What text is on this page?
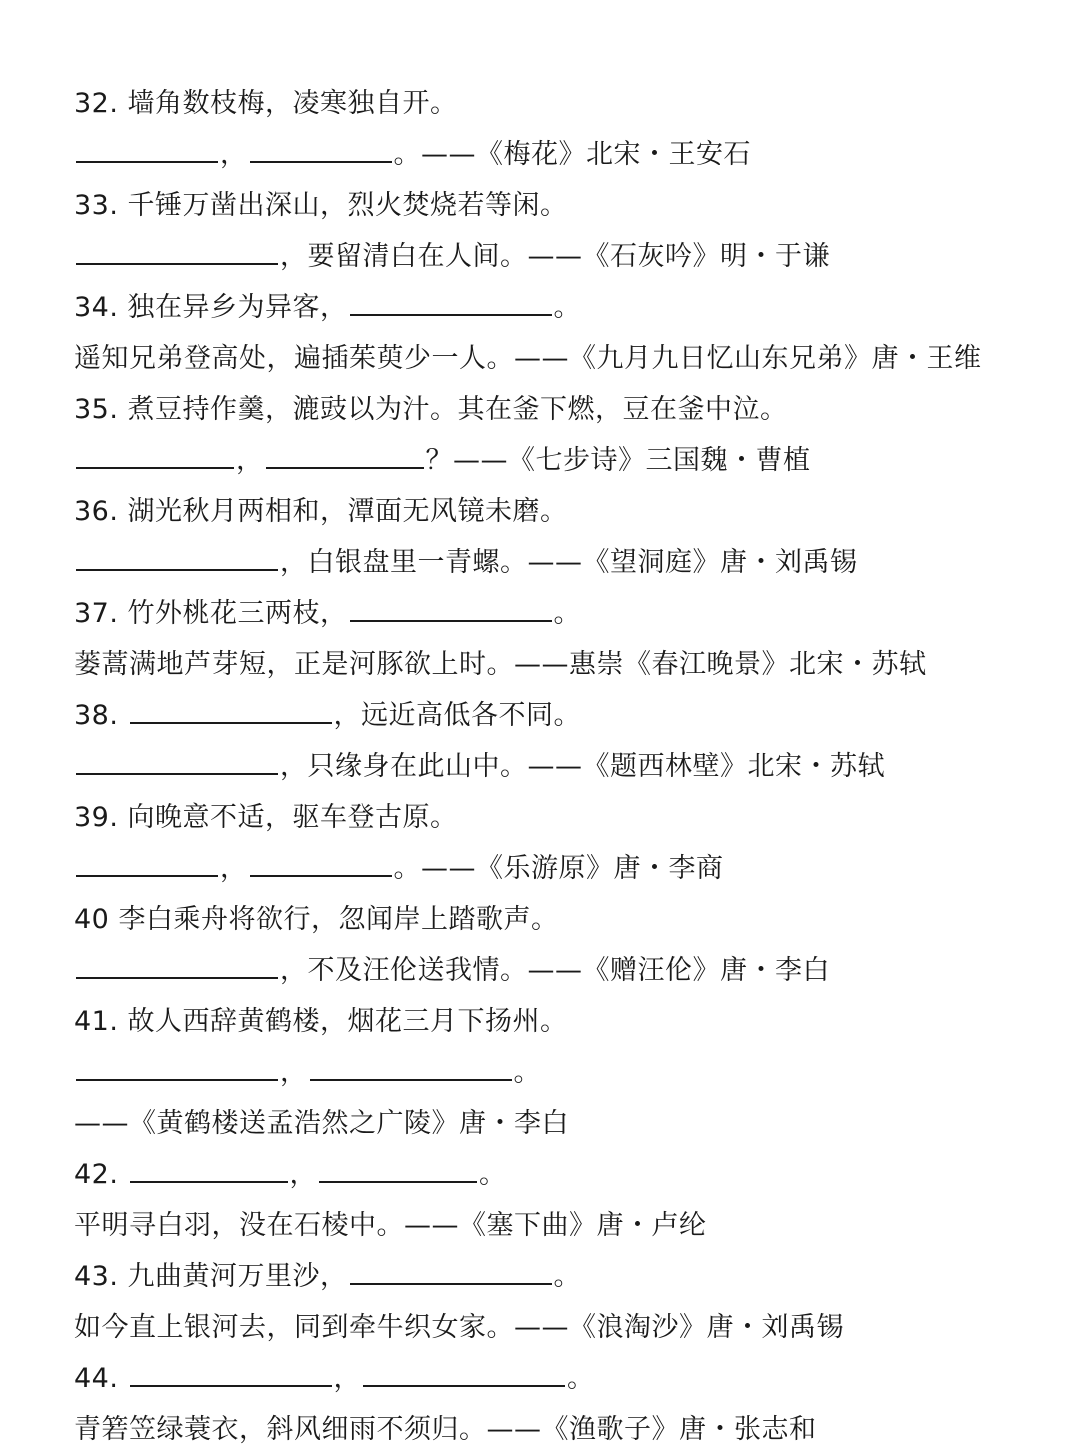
32. 墙角数枝梅，凌寒独自开。
，	。——《梅花》北宋・王安石
33. 千锤万凿出深山，烈火焚烧若等闲。
，要留清白在人间。——《石灰吟》明・于谦
34. 独在异乡为异客，	。
遥知兄弟登高处，遍插茱萸少一人。——《九月九日忆山东兄弟》唐・王维
35. 煮豆持作羹，漉豉以为汁。其在釜下燃，豆在釜中泣。
，	？——《七步诗》三国魏・曹植
36. 湖光秋月两相和，潭面无风镜未磨。
，白银盘里一青螺。——《望洞庭》唐・刘禹锡
37. 竹外桃花三两枝，	。
蒌蒿满地芦芽短，正是河豚欲上时。——惠崇《春江晚景》北宋・苏轼
38.	，远近高低各不同。
，只缘身在此山中。——《题西林壁》北宋・苏轼
39. 向晚意不适，驱车登古原。
，	。——《乐游原》唐・李商
40 李白乘舟将欲行，忽闻岸上踏歌声。
，不及汪伦送我情。——《赠汪伦》唐・李白
41. 故人西辞黄鹤楼，烟花三月下扬州。
，	。
——《黄鹤楼送孟浩然之广陵》唐・李白
42.	，	。
平明寻白羽，没在石棱中。——《塞下曲》唐・卢纶
43. 九曲黄河万里沙，	。
如今直上银河去，同到牵牛织女家。——《浪淘沙》唐・刘禹锡
44.	，	。
青箬笠绿蓑衣，斜风细雨不须归。——《渔歌子》唐・张志和
